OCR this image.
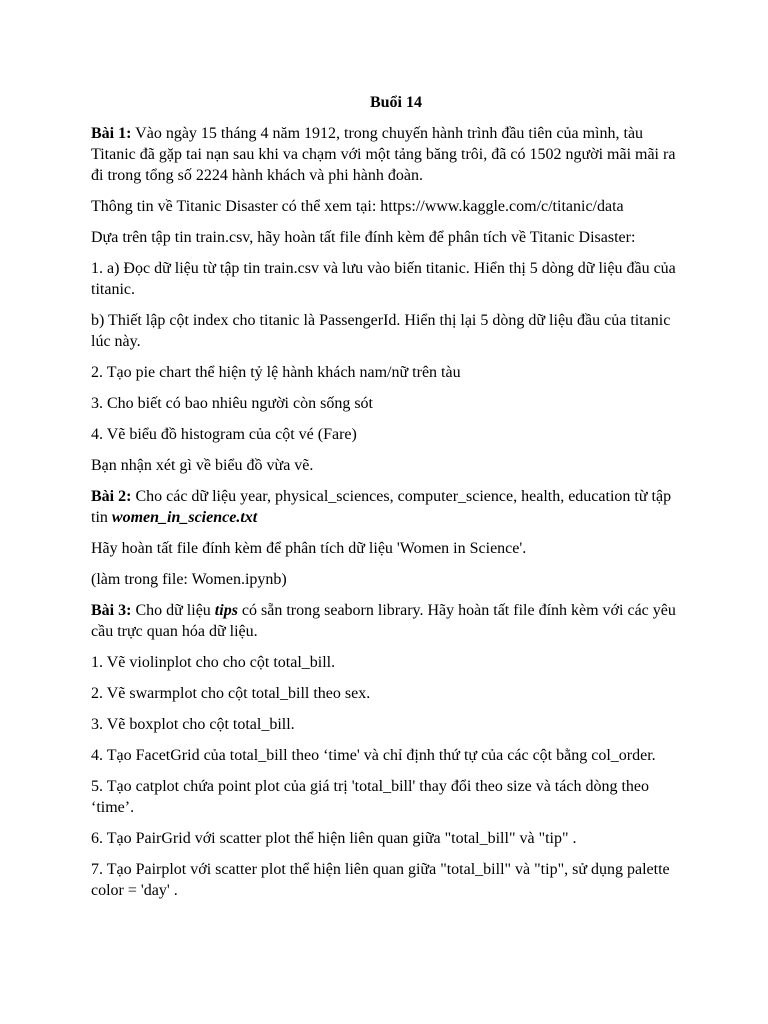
Buổi 14

Bài 1: Vào ngày 15 tháng 4 năm 1912, trong chuyến hành trình đầu tiên của mình, tàu Titanic đã gặp tai nạn sau khi va chạm với một tảng băng trôi, đã có 1502 người mãi mãi ra đi trong tổng số 2224 hành khách và phi hành đoàn.

Thông tin về Titanic Disaster có thể xem tại: https://www.kaggle.com/c/titanic/data

Dựa trên tập tin train.csv, hãy hoàn tất file đính kèm để phân tích về Titanic Disaster:

1. a) Đọc dữ liệu từ tập tin train.csv và lưu vào biến titanic. Hiển thị 5 dòng dữ liệu đầu của titanic.

b) Thiết lập cột index cho titanic là PassengerId. Hiển thị lại 5 dòng dữ liệu đầu của titanic lúc này.

2. Tạo pie chart thể hiện tỷ lệ hành khách nam/nữ trên tàu

3. Cho biết có bao nhiêu người còn sống sót

4. Vẽ biểu đồ histogram của cột vé (Fare)

Bạn nhận xét gì về biểu đồ vừa vẽ.

Bài 2: Cho các dữ liệu year, physical_sciences, computer_science, health, education từ tập tin women_in_science.txt

Hãy hoàn tất file đính kèm để phân tích dữ liệu 'Women in Science'.

(làm trong file: Women.ipynb)

Bài 3: Cho dữ liệu tips có sẵn trong seaborn library. Hãy hoàn tất file đính kèm với các yêu cầu trực quan hóa dữ liệu.

1. Vẽ violinplot cho cho cột total_bill.

2. Vẽ swarmplot cho cột total_bill theo sex.

3. Vẽ boxplot cho cột total_bill.

4. Tạo FacetGrid của total_bill theo ‘time' và chỉ định thứ tự của các cột bằng col_order.

5. Tạo catplot chứa point plot của giá trị 'total_bill' thay đổi theo size và tách dòng theo ‘time’.

6. Tạo PairGrid với scatter plot thể hiện liên quan giữa "total_bill" và "tip" .

7. Tạo Pairplot với scatter plot thể hiện liên quan giữa "total_bill" và "tip", sử dụng palette color = 'day' .
